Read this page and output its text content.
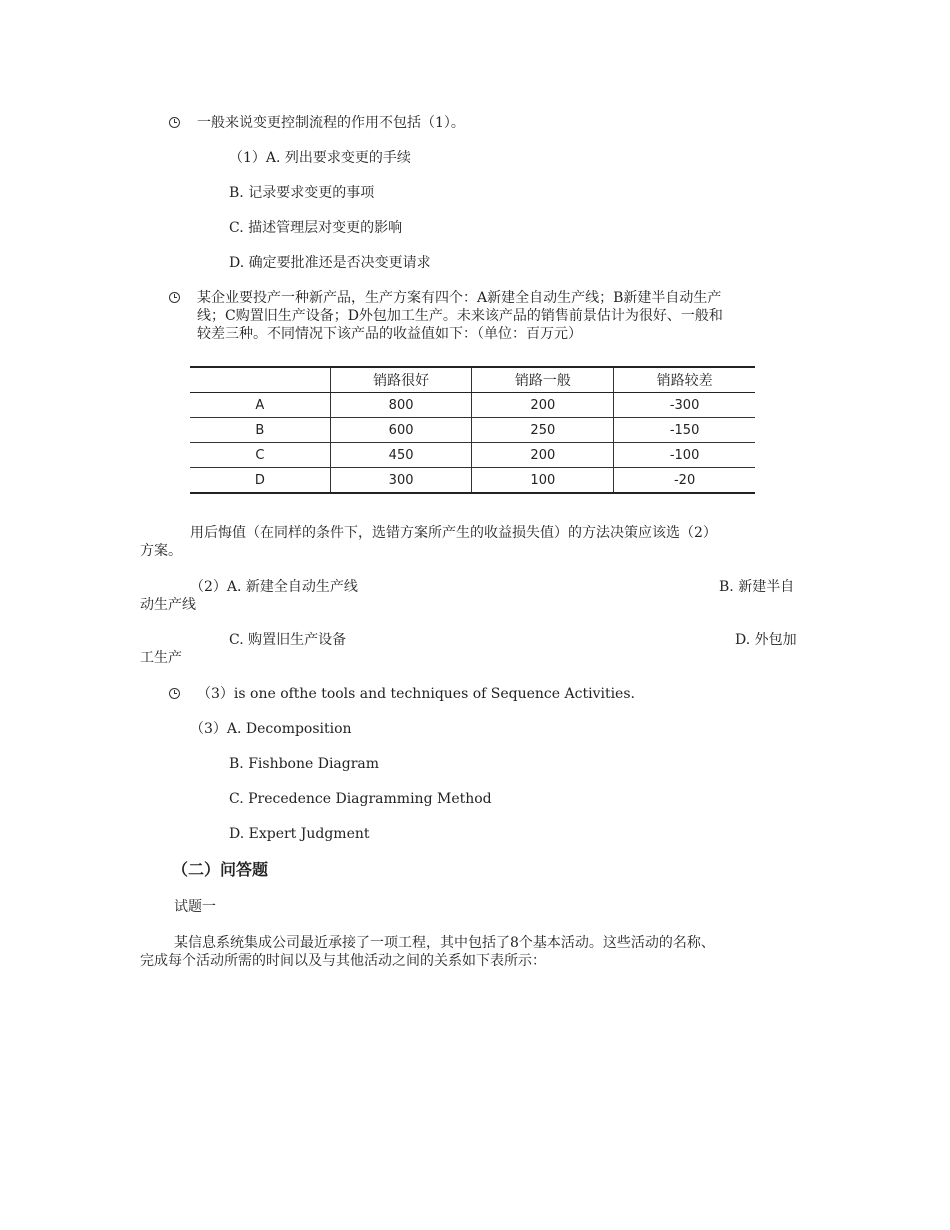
一般来说变更控制流程的作用不包括（1）。
（1）A. 列出要求变更的手续
B. 记录要求变更的事项
C. 描述管理层对变更的影响
D. 确定要批准还是否决变更请求
某企业要投产一种新产品，生产方案有四个：A新建全自动生产线；B新建半自动生产
线；C购置旧生产设备；D外包加工生产。未来该产品的销售前景估计为很好、一般和
较差三种。不同情况下该产品的收益值如下：（单位：百万元）
	销路很好	销路一般	销路较差
A	800	200	-300
B	600	250	-150
C	450	200	-100
D	300	100	-20
用后悔值（在同样的条件下，选错方案所产生的收益损失值）的方法决策应该选（2）
方案。
（2）A. 新建全自动生产线	B. 新建半自
动生产线
C. 购置旧生产设备	D. 外包加
工生产
（3）is one ofthe tools and techniques of Sequence Activities.
（3）A. Decomposition
B. Fishbone Diagram
C. Precedence Diagramming Method
D. Expert Judgment
（二）问答题
试题一
某信息系统集成公司最近承接了一项工程，其中包括了8个基本活动。这些活动的名称、
完成每个活动所需的时间以及与其他活动之间的关系如下表所示：
